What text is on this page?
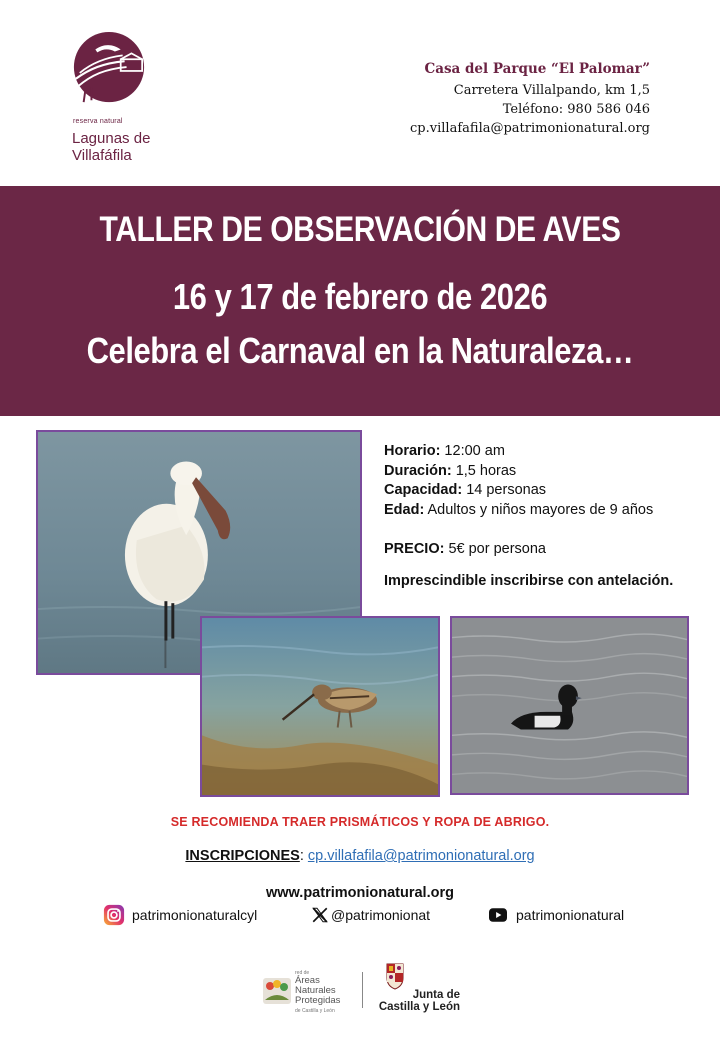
reserva natural
Lagunas de
Villafáfila
Casa del Parque “El Palomar”
Carretera Villalpando, km 1,5
Teléfono: 980 586 046
cp.villafafila@patrimonionatural.org
TALLER DE OBSERVACIÓN DE AVES
16 y 17 de febrero de 2026
Celebra el Carnaval en la Naturaleza…
Horario: 12:00 am
Duración: 1,5 horas
Capacidad: 14 personas
Edad: Adultos y niños mayores de 9 años
PRECIO: 5€ por persona
Imprescindible inscribirse con antelación.
SE RECOMIENDA TRAER PRISMÁTICOS Y ROPA DE ABRIGO.
INSCRIPCIONES: cp.villafafila@patrimonionatural.org
www.patrimonionatural.org
patrimonionaturalcyl	@patrimonionat	patrimonionatural
red de
Áreas
Naturales
Protegidas
de Castilla y León
Junta de
Castilla y León
